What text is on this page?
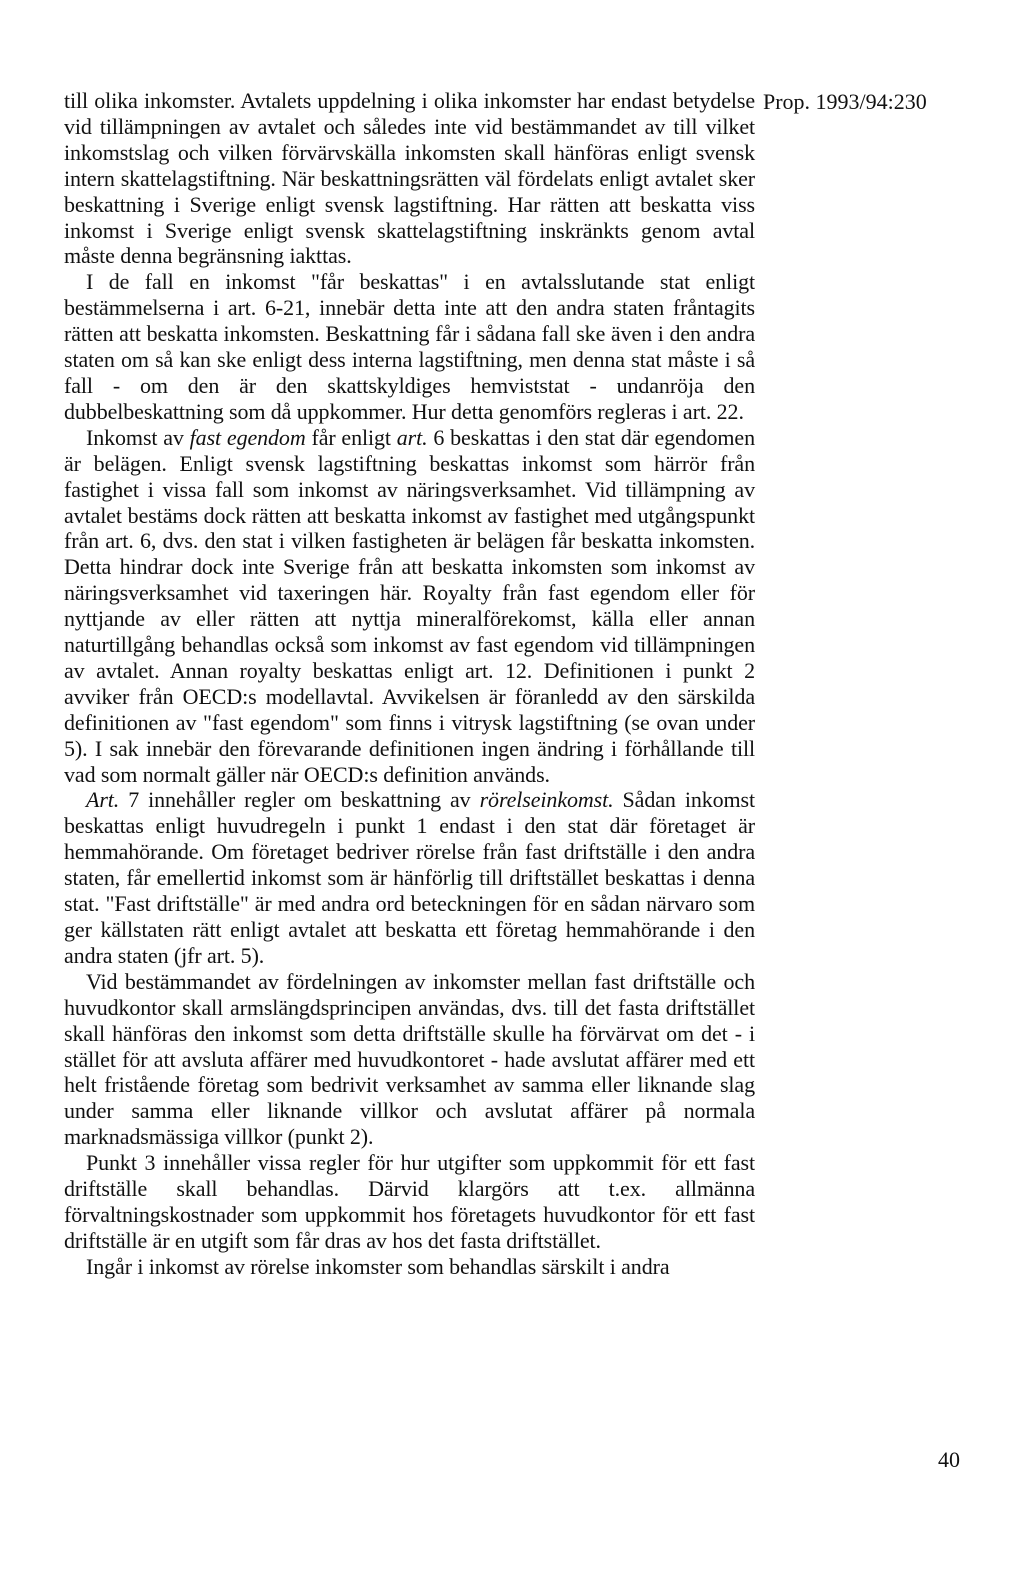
Prop. 1993/94:230

till olika inkomster. Avtalets uppdelning i olika inkomster har endast betydelse vid tillämpningen av avtalet och således inte vid bestämmandet av till vilket inkomstslag och vilken förvärvskälla inkomsten skall hänföras enligt svensk intern skattelagstiftning. När beskattningsrätten väl fördelats enligt avtalet sker beskattning i Sverige enligt svensk lagstiftning. Har rätten att beskatta viss inkomst i Sverige enligt svensk skattelagstiftning inskränkts genom avtal måste denna begränsning iakttas.

I de fall en inkomst "får beskattas" i en avtalsslutande stat enligt bestämmelserna i art. 6-21, innebär detta inte att den andra staten fråntagits rätten att beskatta inkomsten. Beskattning får i sådana fall ske även i den andra staten om så kan ske enligt dess interna lagstiftning, men denna stat måste i så fall - om den är den skattskyldiges hemviststat - undanröja den dubbelbeskattning som då uppkommer. Hur detta genomförs regleras i art. 22.

Inkomst av fast egendom får enligt art. 6 beskattas i den stat där egendomen är belägen. Enligt svensk lagstiftning beskattas inkomst som härrör från fastighet i vissa fall som inkomst av näringsverksamhet. Vid tillämpning av avtalet bestäms dock rätten att beskatta inkomst av fastighet med utgångspunkt från art. 6, dvs. den stat i vilken fastigheten är belägen får beskatta inkomsten. Detta hindrar dock inte Sverige från att beskatta inkomsten som inkomst av näringsverksamhet vid taxeringen här. Royalty från fast egendom eller för nyttjande av eller rätten att nyttja mineralförekomst, källa eller annan naturtillgång behandlas också som inkomst av fast egendom vid tillämpningen av avtalet. Annan royalty beskattas enligt art. 12. Definitionen i punkt 2 avviker från OECD:s modellavtal. Avvikelsen är föranledd av den särskilda definitionen av "fast egendom" som finns i vitrysk lagstiftning (se ovan under 5). I sak innebär den förevarande definitionen ingen ändring i förhållande till vad som normalt gäller när OECD:s definition används.

Art. 7 innehåller regler om beskattning av rörelseinkomst. Sådan inkomst beskattas enligt huvudregeln i punkt 1 endast i den stat där företaget är hemmahörande. Om företaget bedriver rörelse från fast driftställe i den andra staten, får emellertid inkomst som är hänförlig till driftstället beskattas i denna stat. "Fast driftställe" är med andra ord beteckningen för en sådan närvaro som ger källstaten rätt enligt avtalet att beskatta ett företag hemmahörande i den andra staten (jfr art. 5).

Vid bestämmandet av fördelningen av inkomster mellan fast driftställe och huvudkontor skall armslängdsprincipen användas, dvs. till det fasta driftstället skall hänföras den inkomst som detta driftställe skulle ha förvärvat om det - i stället för att avsluta affärer med huvudkontoret - hade avslutat affärer med ett helt fristående företag som bedrivit verksamhet av samma eller liknande slag under samma eller liknande villkor och avslutat affärer på normala marknadsmässiga villkor (punkt 2).

Punkt 3 innehåller vissa regler för hur utgifter som uppkommit för ett fast driftställe skall behandlas. Därvid klargörs att t.ex. allmänna förvaltningskostnader som uppkommit hos företagets huvudkontor för ett fast driftställe är en utgift som får dras av hos det fasta driftstället.

Ingår i inkomst av rörelse inkomster som behandlas särskilt i andra

40
